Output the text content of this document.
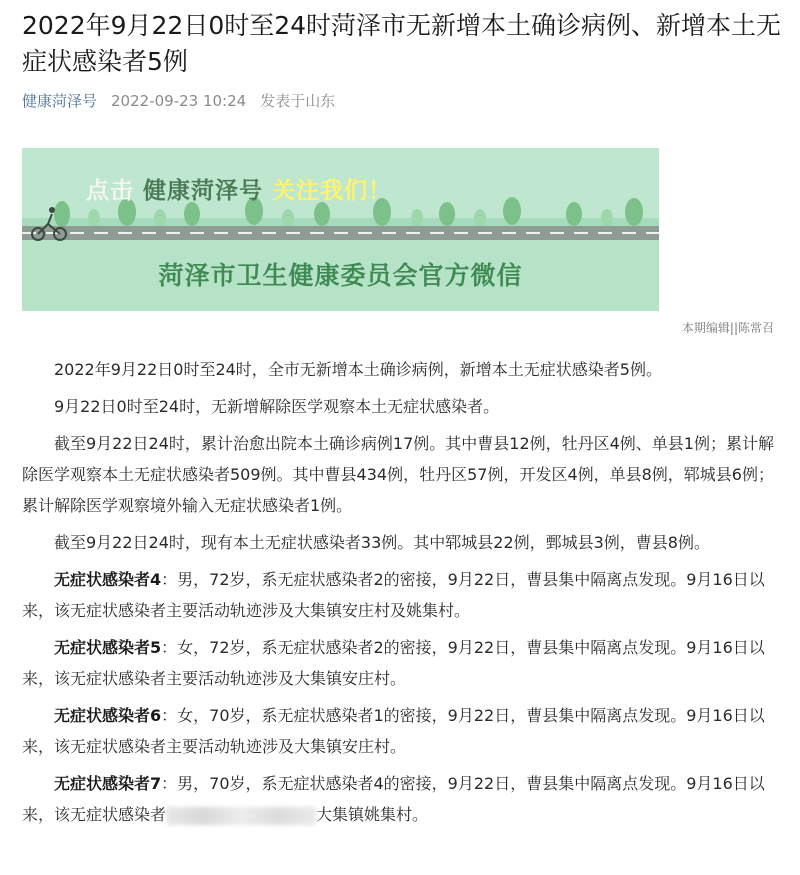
2022年9月22日0时至24时菏泽市无新增本土确诊病例、新增本土无症状感染者5例
健康菏泽号 2022-09-23 10:24 发表于山东
点击 健康菏泽号 关注我们！
菏泽市卫生健康委员会官方微信
本期编辑||陈常召

2022年9月22日0时至24时，全市无新增本土确诊病例，新增本土无症状感染者5例。

9月22日0时至24时，无新增解除医学观察本土无症状感染者。

截至9月22日24时，累计治愈出院本土确诊病例17例。其中曹县12例，牡丹区4例、单县1例；累计解除医学观察本土无症状感染者509例。其中曹县434例，牡丹区57例，开发区4例，单县8例，郓城县6例；累计解除医学观察境外输入无症状感染者1例。

截至9月22日24时，现有本土无症状感染者33例。其中郓城县22例，鄄城县3例，曹县8例。

无症状感染者4：男，72岁，系无症状感染者2的密接，9月22日，曹县集中隔离点发现。9月16日以来，该无症状感染者主要活动轨迹涉及大集镇安庄村及姚集村。

无症状感染者5：女，72岁，系无症状感染者2的密接，9月22日，曹县集中隔离点发现。9月16日以来，该无症状感染者主要活动轨迹涉及大集镇安庄村。

无症状感染者6：女，70岁，系无症状感染者1的密接，9月22日，曹县集中隔离点发现。9月16日以来，该无症状感染者主要活动轨迹涉及大集镇安庄村。

无症状感染者7：男，70岁，系无症状感染者4的密接，9月22日，曹县集中隔离点发现。9月16日以来，该无症状感染者	大集镇姚集村。
